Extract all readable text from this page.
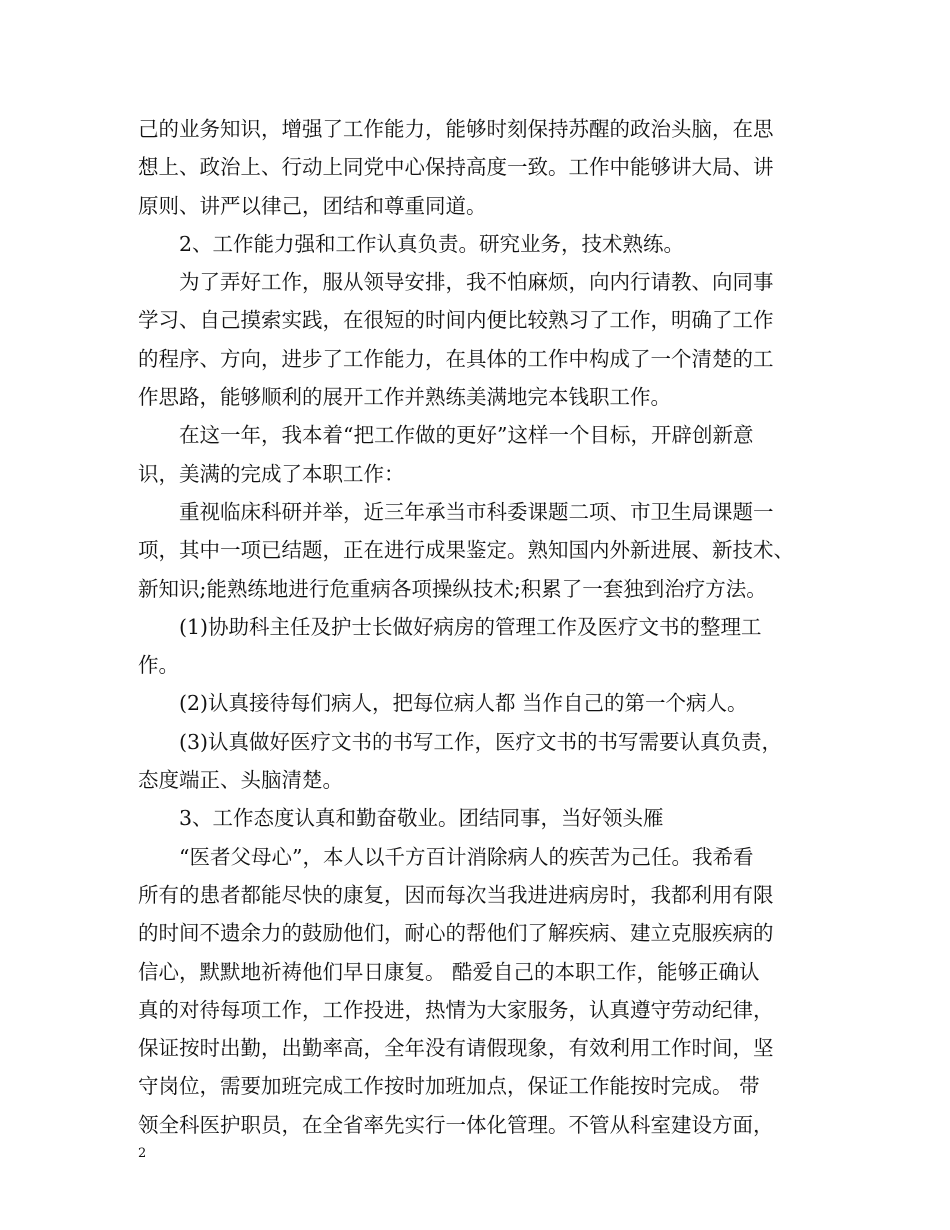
己的业务知识，增强了工作能力，能够时刻保持苏醒的政治头脑，在思
想上、政治上、行动上同党中心保持高度一致。工作中能够讲大局、讲
原则、讲严以律己，团结和尊重同道。
2、工作能力强和工作认真负责。研究业务，技术熟练。
为了弄好工作，服从领导安排，我不怕麻烦，向内行请教、向同事
学习、自己摸索实践，在很短的时间内便比较熟习了工作，明确了工作
的程序、方向，进步了工作能力，在具体的工作中构成了一个清楚的工
作思路，能够顺利的展开工作并熟练美满地完本钱职工作。
在这一年，我本着“把工作做的更好”这样一个目标，开辟创新意
识，美满的完成了本职工作：
重视临床科研并举，近三年承当市科委课题二项、市卫生局课题一
项，其中一项已结题，正在进行成果鉴定。熟知国内外新进展、新技术、
新知识;能熟练地进行危重病各项操纵技术;积累了一套独到治疗方法。
(1)协助科主任及护士长做好病房的管理工作及医疗文书的整理工
作。
(2)认真接待每们病人，把每位病人都 当作自己的第一个病人。
(3)认真做好医疗文书的书写工作，医疗文书的书写需要认真负责，
态度端正、头脑清楚。
3、工作态度认真和勤奋敬业。团结同事，当好领头雁
“医者父母心”，本人以千方百计消除病人的疾苦为己任。我希看
所有的患者都能尽快的康复，因而每次当我进进病房时，我都利用有限
的时间不遗余力的鼓励他们，耐心的帮他们了解疾病、建立克服疾病的
信心，默默地祈祷他们早日康复。 酷爱自己的本职工作，能够正确认
真的对待每项工作，工作投进，热情为大家服务，认真遵守劳动纪律，
保证按时出勤，出勤率高，全年没有请假现象，有效利用工作时间，坚
守岗位，需要加班完成工作按时加班加点，保证工作能按时完成。 带
领全科医护职员，在全省率先实行一体化管理。不管从科室建设方面，
2
